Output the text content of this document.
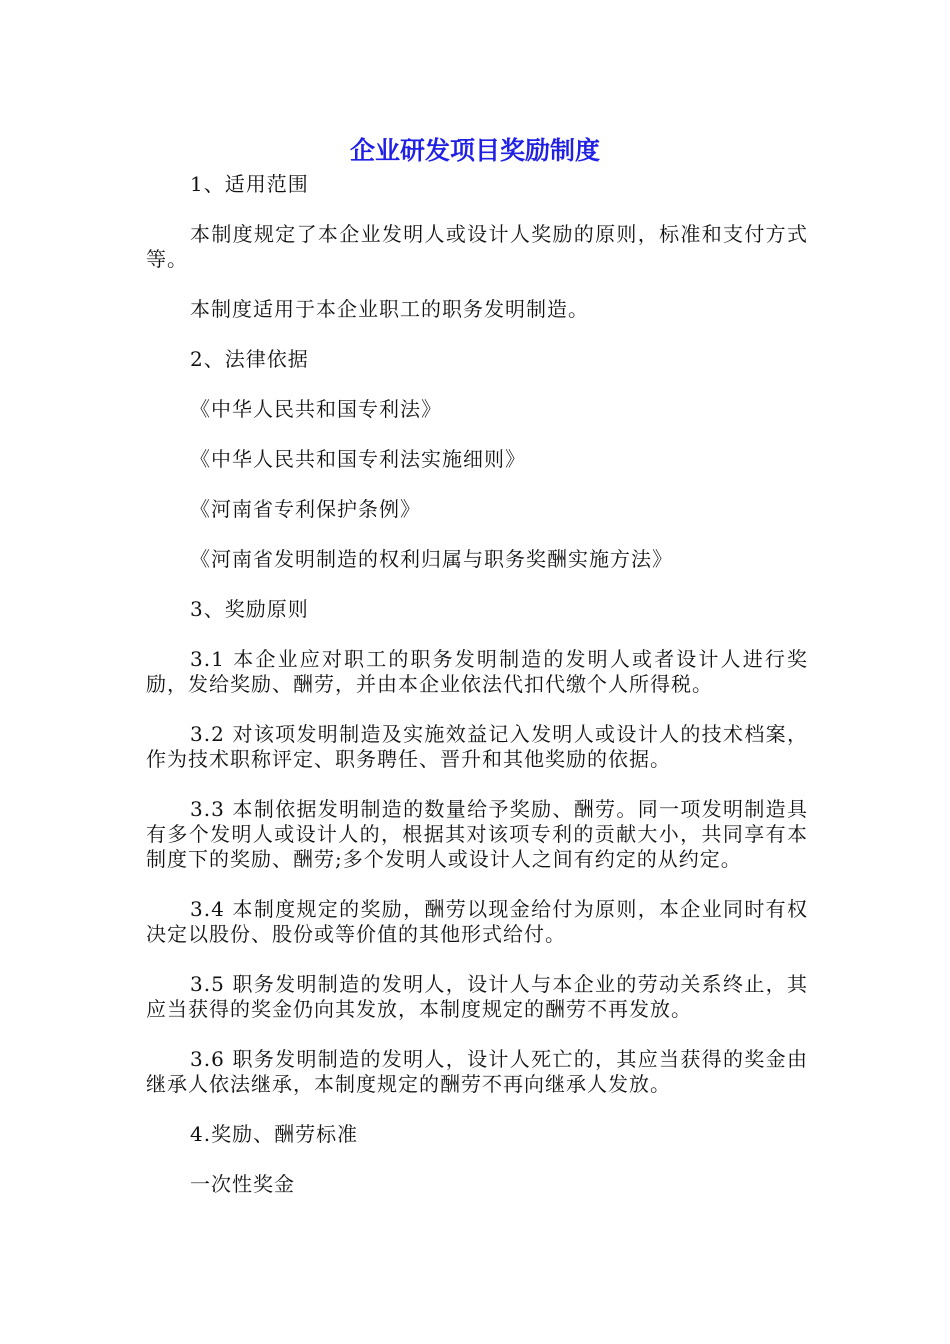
企业研发项目奖励制度

1、适用范围

本制度规定了本企业发明人或设计人奖励的原则，标准和支付方式等。

本制度适用于本企业职工的职务发明制造。

2、法律依据

《中华人民共和国专利法》

《中华人民共和国专利法实施细则》

《河南省专利保护条例》

《河南省发明制造的权利归属与职务奖酬实施方法》

3、奖励原则

3.1 本企业应对职工的职务发明制造的发明人或者设计人进行奖励，发给奖励、酬劳，并由本企业依法代扣代缴个人所得税。

3.2 对该项发明制造及实施效益记入发明人或设计人的技术档案，作为技术职称评定、职务聘任、晋升和其他奖励的依据。

3.3 本制依据发明制造的数量给予奖励、酬劳。同一项发明制造具有多个发明人或设计人的，根据其对该项专利的贡献大小，共同享有本制度下的奖励、酬劳;多个发明人或设计人之间有约定的从约定。

3.4 本制度规定的奖励，酬劳以现金给付为原则，本企业同时有权决定以股份、股份或等价值的其他形式给付。

3.5 职务发明制造的发明人，设计人与本企业的劳动关系终止，其应当获得的奖金仍向其发放，本制度规定的酬劳不再发放。

3.6 职务发明制造的发明人，设计人死亡的，其应当获得的奖金由继承人依法继承，本制度规定的酬劳不再向继承人发放。

4.奖励、酬劳标准

一次性奖金
